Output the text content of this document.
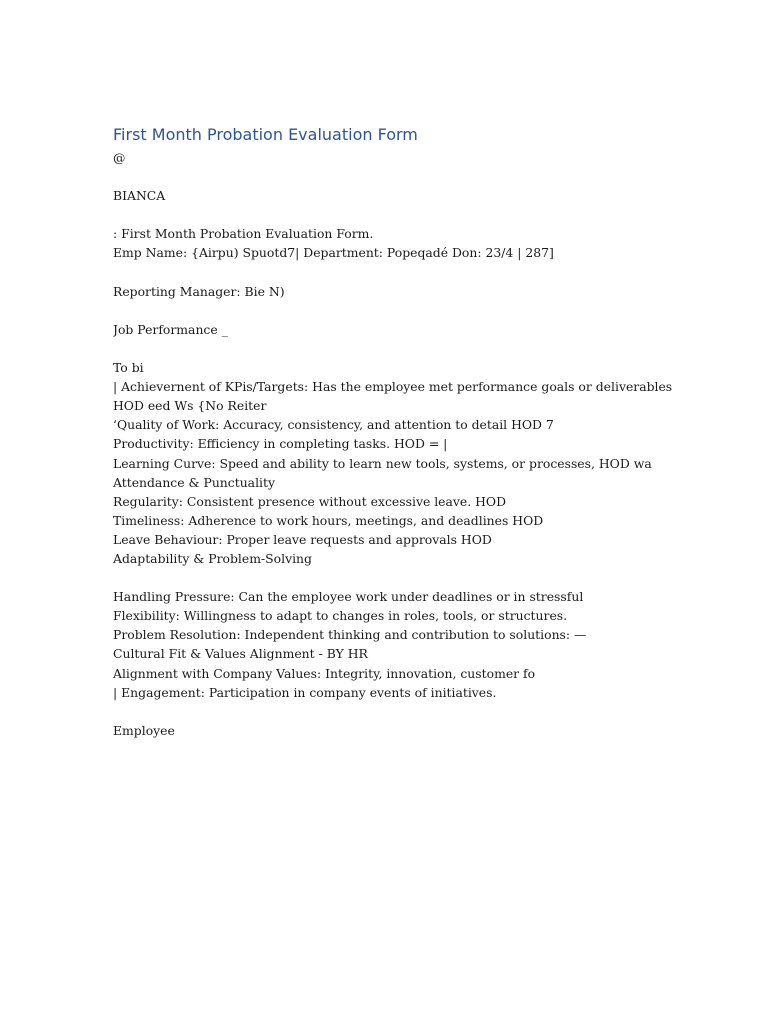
First Month Probation Evaluation Form
@
BIANCA
: First Month Probation Evaluation Form.
Emp Name: {Airpu) Spuotd7| Department: Popeqadé Don: 23/4 | 287]
Reporting Manager: Bie N)
Job Performance _
To bi
| Achievernent of KPis/Targets: Has the employee met performance goals or deliverables
HOD eed Ws {No Reiter
‘Quality of Work: Accuracy, consistency, and attention to detail HOD 7
Productivity: Efficiency in completing tasks. HOD = |
Learning Curve: Speed and ability to learn new tools, systems, or processes, HOD wa
Attendance & Punctuality
Regularity: Consistent presence without excessive leave. HOD
Timeliness: Adherence to work hours, meetings, and deadlines HOD
Leave Behaviour: Proper leave requests and approvals HOD
Adaptability & Problem-Solving
Handling Pressure: Can the employee work under deadlines or in stressful
Flexibility: Willingness to adapt to changes in roles, tools, or structures.
Problem Resolution: Independent thinking and contribution to solutions: —
Cultural Fit & Values Alignment - BY HR
Alignment with Company Values: Integrity, innovation, customer fo
| Engagement: Participation in company events of initiatives.
Employee
